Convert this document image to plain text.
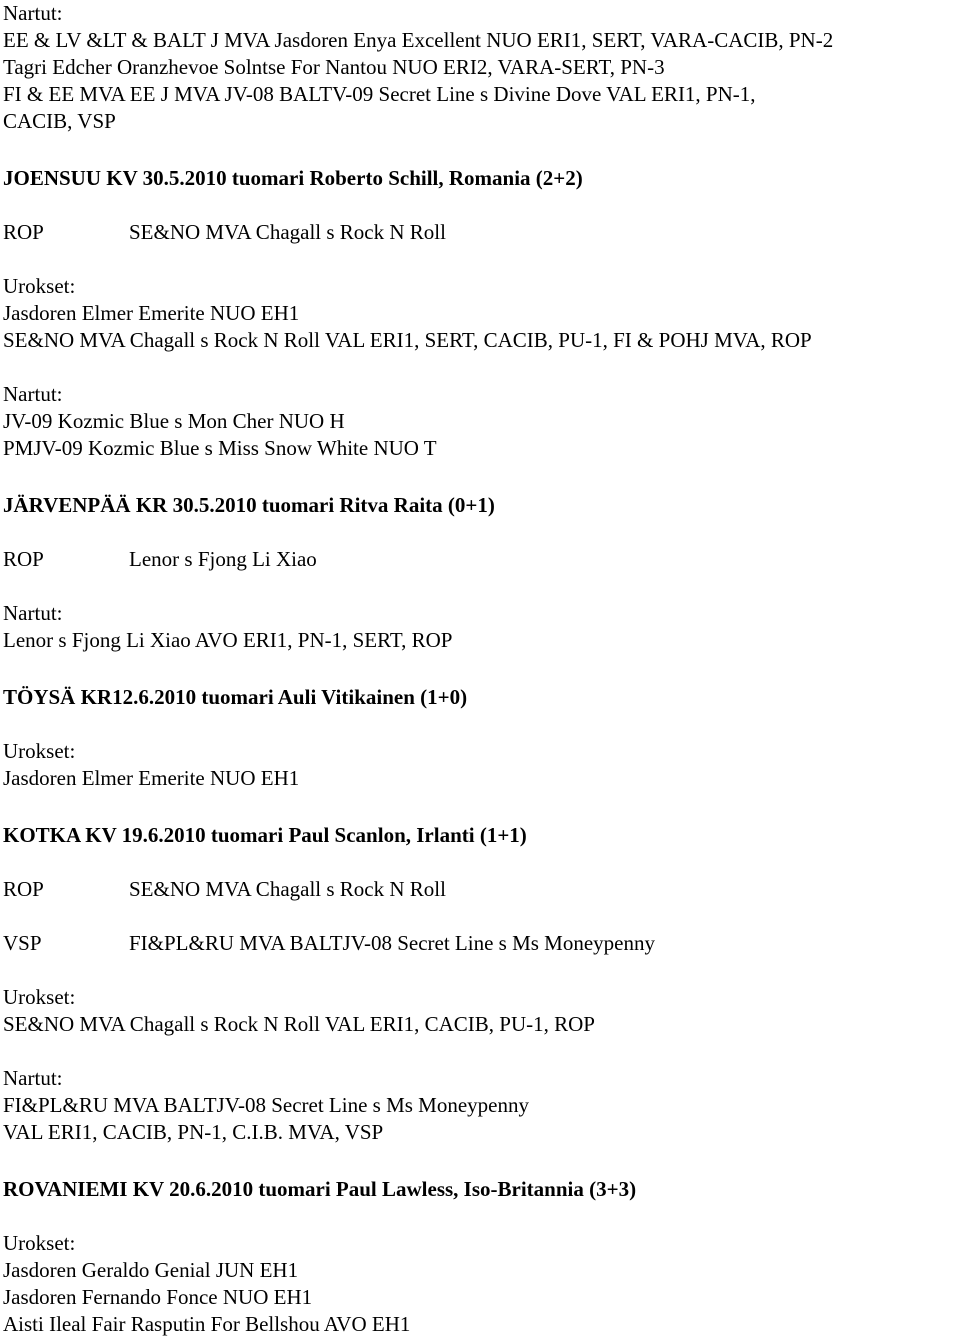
Nartut:
EE & LV &LT & BALT J MVA Jasdoren Enya Excellent NUO ERI1, SERT, VARA-CACIB, PN-2
Tagri Edcher Oranzhevoe Solntse For Nantou NUO ERI2, VARA-SERT, PN-3
FI & EE MVA EE J MVA JV-08 BALTV-09 Secret Line s Divine Dove VAL ERI1, PN-1,
CACIB, VSP
JOENSUU KV 30.5.2010 tuomari Roberto Schill, Romania (2+2)
ROP	SE&NO MVA Chagall s Rock N Roll
Urokset:
Jasdoren Elmer Emerite NUO EH1
SE&NO MVA Chagall s Rock N Roll VAL ERI1, SERT, CACIB, PU-1, FI & POHJ MVA, ROP
Nartut:
JV-09 Kozmic Blue s Mon Cher NUO H
PMJV-09 Kozmic Blue s Miss Snow White NUO T
JÄRVENPÄÄ KR 30.5.2010 tuomari Ritva Raita (0+1)
ROP	Lenor s Fjong Li Xiao
Nartut:
Lenor s Fjong Li Xiao AVO ERI1, PN-1, SERT, ROP
TÖYSÄ KR12.6.2010 tuomari Auli Vitikainen (1+0)
Urokset:
Jasdoren Elmer Emerite NUO EH1
KOTKA KV 19.6.2010 tuomari Paul Scanlon, Irlanti (1+1)
ROP	SE&NO MVA Chagall s Rock N Roll
VSP	FI&PL&RU MVA BALTJV-08 Secret Line s Ms Moneypenny
Urokset:
SE&NO MVA Chagall s Rock N Roll VAL ERI1, CACIB, PU-1, ROP
Nartut:
FI&PL&RU MVA BALTJV-08 Secret Line s Ms Moneypenny
VAL ERI1, CACIB, PN-1, C.I.B. MVA, VSP
ROVANIEMI KV 20.6.2010 tuomari Paul Lawless, Iso-Britannia (3+3)
Urokset:
Jasdoren Geraldo Genial JUN EH1
Jasdoren Fernando Fonce NUO EH1
Aisti Ileal Fair Rasputin For Bellshou AVO EH1
